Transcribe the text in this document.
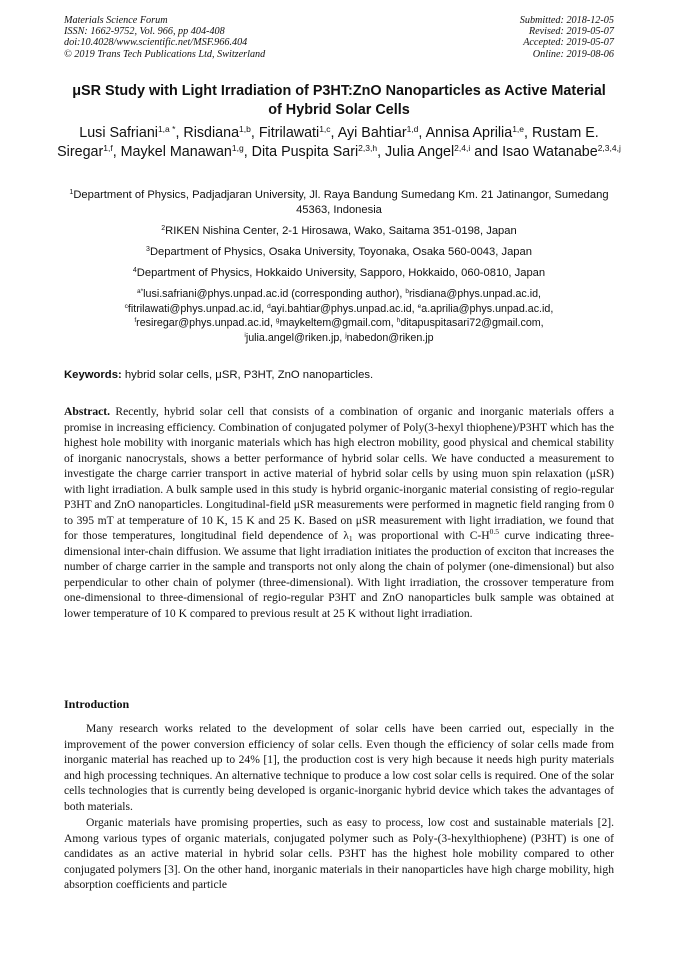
Materials Science Forum
ISSN: 1662-9752, Vol. 966, pp 404-408
doi:10.4028/www.scientific.net/MSF.966.404
© 2019 Trans Tech Publications Ltd, Switzerland
Submitted: 2018-12-05
Revised: 2019-05-07
Accepted: 2019-05-07
Online: 2019-08-06
μSR Study with Light Irradiation of P3HT:ZnO Nanoparticles as Active Material of Hybrid Solar Cells
Lusi Safriani$^{1,a *}$, Risdiana$^{1,b}$, Fitrilawati$^{1,c}$, Ayi Bahtiar$^{1,d}$, Annisa Aprilia$^{1,e}$, Rustam E. Siregar$^{1,f}$, Maykel Manawan$^{1,g}$, Dita Puspita Sari$^{2,3,h}$, Julia Angel$^{2,4,i}$ and Isao Watanabe$^{2,3,4,j}$
$^1$Department of Physics, Padjadjaran University, Jl. Raya Bandung Sumedang Km. 21 Jatinangor, Sumedang 45363, Indonesia
$^2$RIKEN Nishina Center, 2-1 Hirosawa, Wako, Saitama 351-0198, Japan
$^3$Department of Physics, Osaka University, Toyonaka, Osaka 560-0043, Japan
$^4$Department of Physics, Hokkaido University, Sapporo, Hokkaido, 060-0810, Japan
$^{a*}$lusi.safriani@phys.unpad.ac.id (corresponding author), $^b$risdiana@phys.unpad.ac.id,
$^c$fitrilawati@phys.unpad.ac.id, $^d$ayi.bahtiar@phys.unpad.ac.id, $^e$a.aprilia@phys.unpad.ac.id,
$^f$resiregar@phys.unpad.ac.id, $^g$maykeltem@gmail.com, $^h$ditapuspitasari72@gmail.com,
$^i$julia.angel@riken.jp, $^j$nabedon@riken.jp
Keywords: hybrid solar cells, μSR, P3HT, ZnO nanoparticles.
Abstract. Recently, hybrid solar cell that consists of a combination of organic and inorganic materials offers a promise in increasing efficiency. Combination of conjugated polymer of Poly(3-hexyl thiophene)/P3HT which has the highest hole mobility with inorganic materials which has high electron mobility, good physical and chemical stability of inorganic nanocrystals, shows a better performance of hybrid solar cells. We have conducted a measurement to investigate the charge carrier transport in active material of hybrid solar cells by using muon spin relaxation (μSR) with light irradiation. A bulk sample used in this study is hybrid organic-inorganic material consisting of regio-regular P3HT and ZnO nanoparticles. Longitudinal-field μSR measurements were performed in magnetic field ranging from 0 to 395 mT at temperature of 10 K, 15 K and 25 K. Based on μSR measurement with light irradiation, we found that for those temperatures, longitudinal field dependence of $\lambda_1$ was proportional with $C-H^{0.5}$ curve indicating three-dimensional inter-chain diffusion. We assume that light irradiation initiates the production of exciton that increases the number of charge carrier in the sample and transports not only along the chain of polymer (one-dimensional) but also perpendicular to other chain of polymer (three-dimensional). With light irradiation, the crossover temperature from one-dimensional to three-dimensional of regio-regular P3HT and ZnO nanoparticles bulk sample was obtained at lower temperature of 10 K compared to previous result at 25 K without light irradiation.
Introduction
Many research works related to the development of solar cells have been carried out, especially in the improvement of the power conversion efficiency of solar cells. Even though the efficiency of solar cells made from inorganic material has reached up to 24% [1], the production cost is very high because it needs high purity materials and high processing techniques. An alternative technique to produce a low cost solar cells is required. One of the solar cells technologies that is currently being developed is organic-inorganic hybrid device which takes the advantages of both materials.
Organic materials have promising properties, such as easy to process, low cost and sustainable materials [2]. Among various types of organic materials, conjugated polymer such as Poly-(3-hexylthiophene) (P3HT) is one of candidates as an active material in hybrid solar cells. P3HT has the highest hole mobility compared to other conjugated polymers [3]. On the other hand, inorganic materials in their nanoparticles have high charge mobility, high absorption coefficients and particle
